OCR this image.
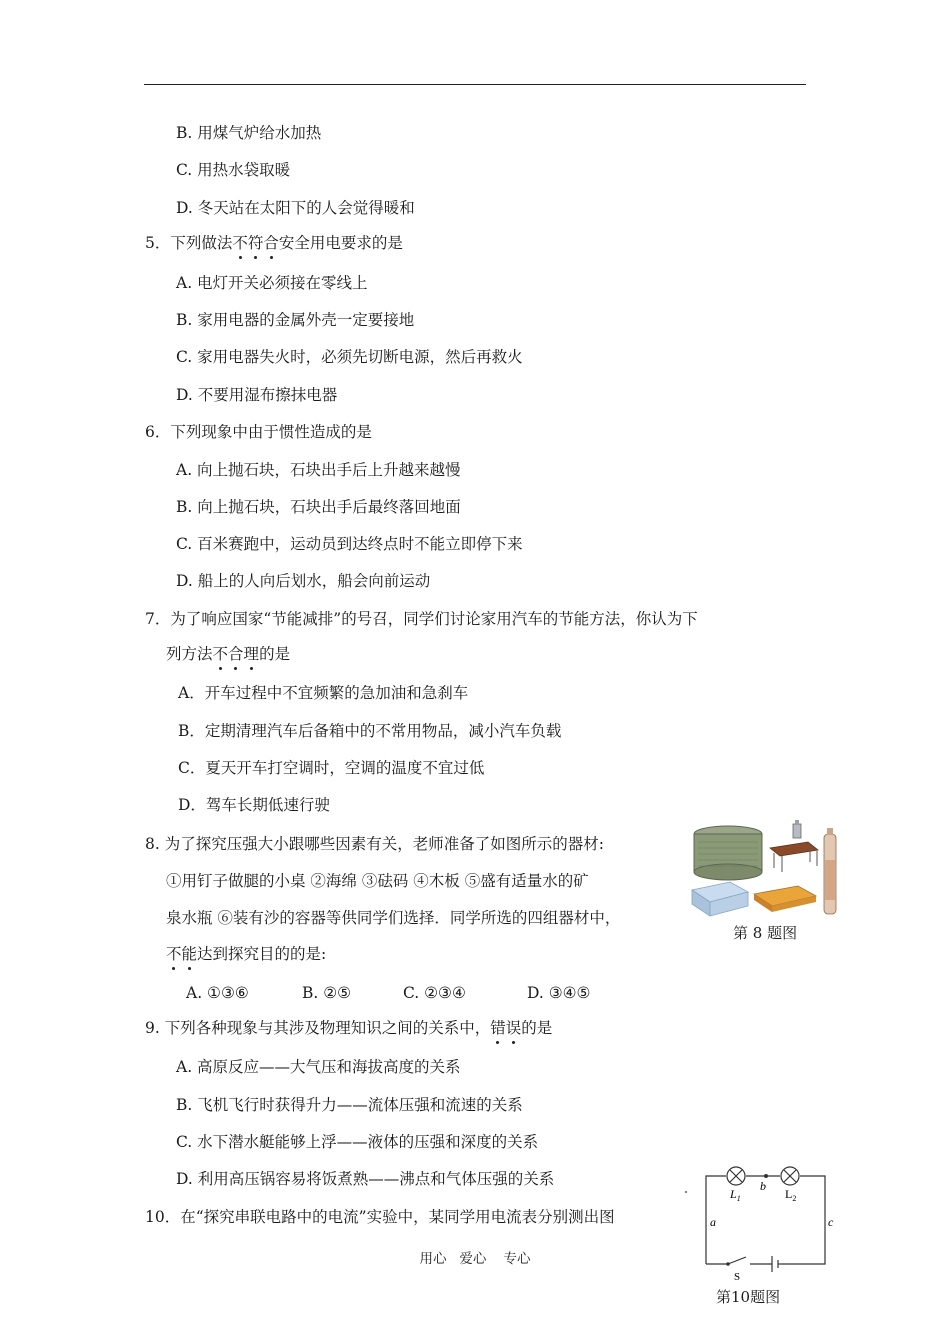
B. 用煤气炉给水加热
C. 用热水袋取暖
D. 冬天站在太阳下的人会觉得暖和
5．下列做法不符合安全用电要求的是
A. 电灯开关必须接在零线上
B. 家用电器的金属外壳一定要接地
C. 家用电器失火时，必须先切断电源，然后再救火
D. 不要用湿布擦抹电器
6．下列现象中由于惯性造成的是
A. 向上抛石块，石块出手后上升越来越慢
B. 向上抛石块，石块出手后最终落回地面
C. 百米赛跑中，运动员到达终点时不能立即停下来
D. 船上的人向后划水，船会向前运动
7．为了响应国家“节能减排”的号召，同学们讨论家用汽车的节能方法，你认为下
列方法不合理的是
A．开车过程中不宜频繁的急加油和急刹车
B．定期清理汽车后备箱中的不常用物品，减小汽车负载
C．夏天开车打空调时，空调的温度不宜过低
D．驾车长期低速行驶
8. 为了探究压强大小跟哪些因素有关，老师准备了如图所示的器材:
①用钉子做腿的小桌 ②海绵 ③砝码 ④木板 ⑤盛有适量水的矿
泉水瓶 ⑥装有沙的容器等供同学们选择．同学所选的四组器材中，
不能达到探究目的的是:
A. ①③⑥	B. ②⑤	C. ②③④	D. ③④⑤
第 8 题图
9. 下列各种现象与其涉及物理知识之间的关系中，错误的是
A. 高原反应——大气压和海拔高度的关系
B. 飞机飞行时获得升力——流体压强和流速的关系
C. 水下潜水艇能够上浮——液体的压强和深度的关系
D. 利用高压锅容易将饭煮熟——沸点和气体压强的关系
10．在“探究串联电路中的电流”实验中，某同学用电流表分别测出图
$L_1$	$L_2$
b
a	c
S
第10题图
用心   爱心    专心
